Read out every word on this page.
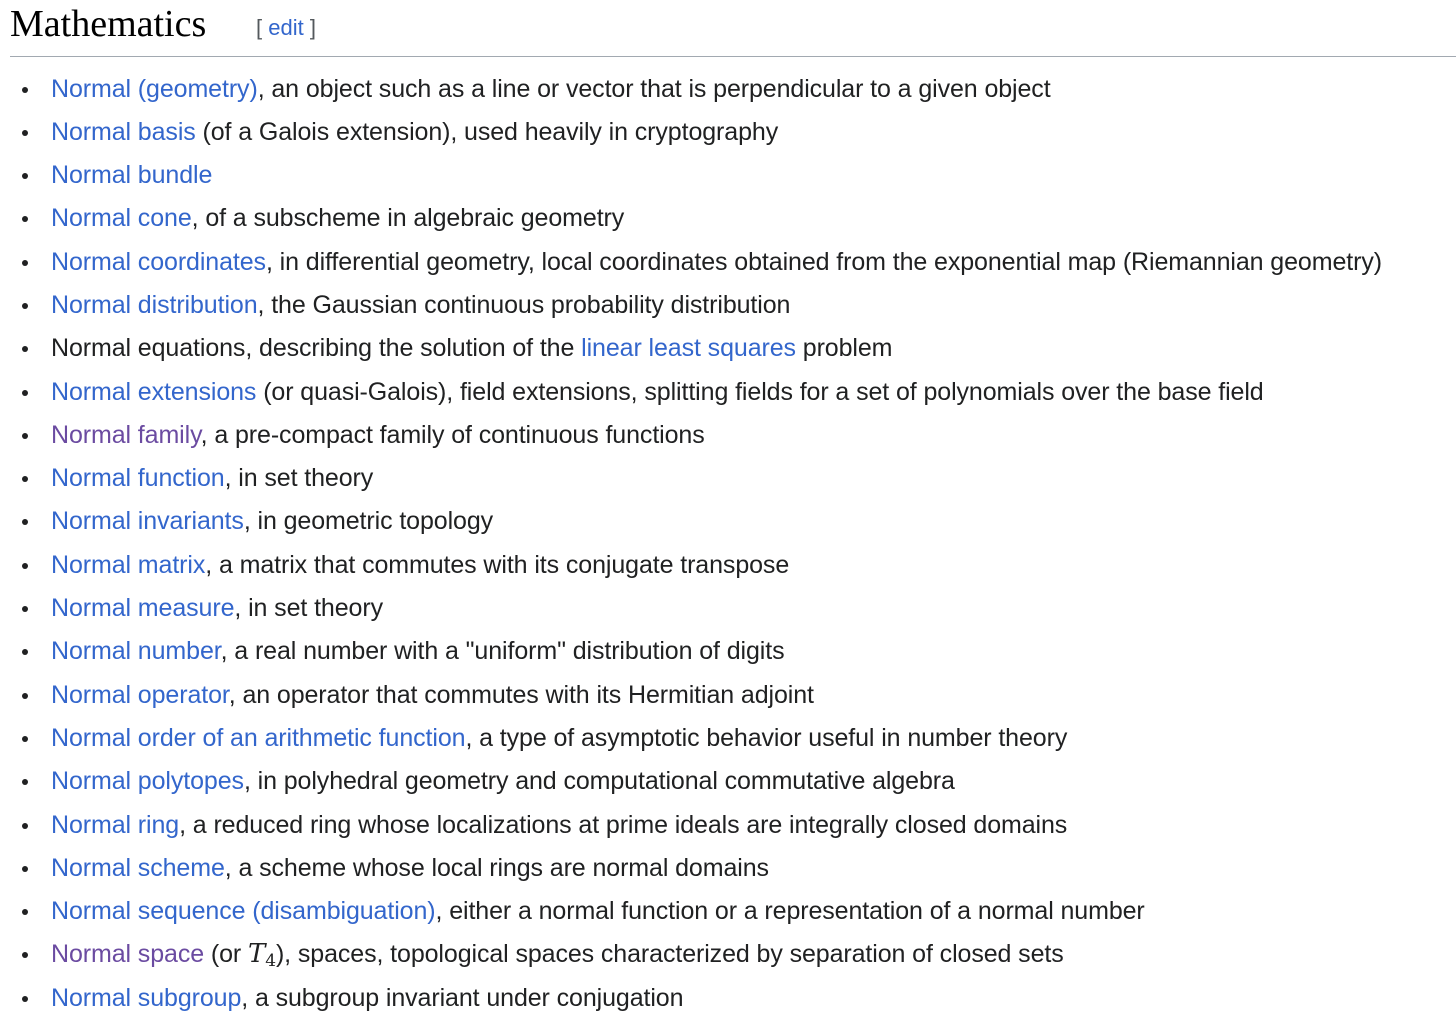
Mathematics [ edit ]
Normal (geometry), an object such as a line or vector that is perpendicular to a given object
Normal basis (of a Galois extension), used heavily in cryptography
Normal bundle
Normal cone, of a subscheme in algebraic geometry
Normal coordinates, in differential geometry, local coordinates obtained from the exponential map (Riemannian geometry)
Normal distribution, the Gaussian continuous probability distribution
Normal equations, describing the solution of the linear least squares problem
Normal extensions (or quasi-Galois), field extensions, splitting fields for a set of polynomials over the base field
Normal family, a pre-compact family of continuous functions
Normal function, in set theory
Normal invariants, in geometric topology
Normal matrix, a matrix that commutes with its conjugate transpose
Normal measure, in set theory
Normal number, a real number with a "uniform" distribution of digits
Normal operator, an operator that commutes with its Hermitian adjoint
Normal order of an arithmetic function, a type of asymptotic behavior useful in number theory
Normal polytopes, in polyhedral geometry and computational commutative algebra
Normal ring, a reduced ring whose localizations at prime ideals are integrally closed domains
Normal scheme, a scheme whose local rings are normal domains
Normal sequence (disambiguation), either a normal function or a representation of a normal number
Normal space (or $T_4$), spaces, topological spaces characterized by separation of closed sets
Normal subgroup, a subgroup invariant under conjugation
